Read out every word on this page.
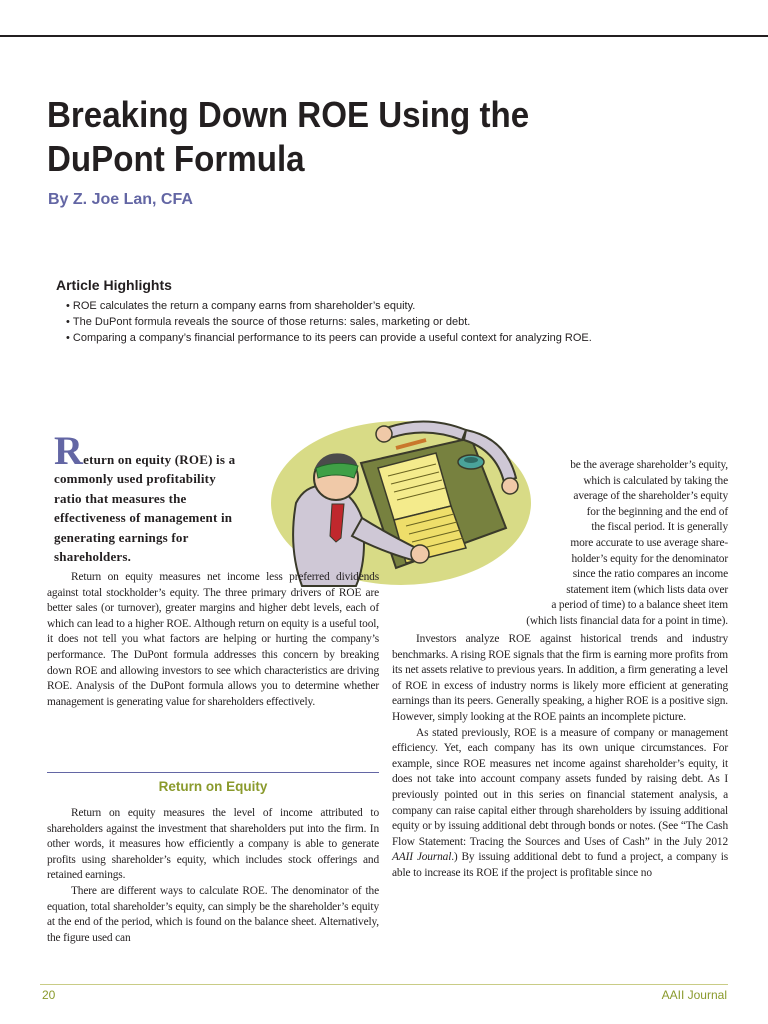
Breaking Down ROE Using the DuPont Formula
By Z. Joe Lan, CFA
Article Highlights
• ROE calculates the return a company earns from shareholder’s equity.
• The DuPont formula reveals the source of those returns: sales, marketing or debt.
• Comparing a company’s financial performance to its peers can provide a useful context for analyzing ROE.

Return on equity (ROE) is a commonly used profitability ratio that measures the effectiveness of management in generating earnings for shareholders.

Return on equity measures net income less preferred dividends against total stockholder’s equity. The three primary drivers of ROE are better sales (or turnover), greater margins and higher debt levels, each of which can lead to a higher ROE. Although return on equity is a useful tool, it does not tell you what factors are helping or hurting the company’s performance. The DuPont formula addresses this concern by breaking down ROE and allowing investors to see which characteristics are driving ROE. Analysis of the DuPont formula allows you to determine whether management is generating value for shareholders effectively.

Return on Equity

Return on equity measures the level of income attributed to shareholders against the investment that shareholders put into the firm. In other words, it measures how efficiently a company is able to generate profits using shareholder’s equity, which includes stock offerings and retained earnings.

There are different ways to calculate ROE. The denominator of the equation, total shareholder’s equity, can simply be the shareholder’s equity at the end of the period, which is found on the balance sheet. Alternatively, the figure used can

be the average shareholder’s equity,
which is calculated by taking the
average of the shareholder’s equity
for the beginning and the end of
the fiscal period. It is generally
more accurate to use average share-
holder’s equity for the denominator
since the ratio compares an income
statement item (which lists data over
a period of time) to a balance sheet item
(which lists financial data for a point in time).

Investors analyze ROE against historical trends and industry benchmarks. A rising ROE signals that the firm is earning more profits from its net assets relative to previous years. In addition, a firm generating a level of ROE in excess of industry norms is likely more efficient at generating earnings than its peers. Generally speaking, a higher ROE is a positive sign. However, simply looking at the ROE paints an incomplete picture.

As stated previously, ROE is a measure of company or management efficiency. Yet, each company has its own unique circumstances. For example, since ROE measures net income against shareholder’s equity, it does not take into account company assets funded by raising debt. As I previously pointed out in this series on financial statement analysis, a company can raise capital either through shareholders by issuing additional equity or by issuing additional debt through bonds or notes. (See “The Cash Flow Statement: Tracing the Sources and Uses of Cash” in the July 2012 AAII Journal.) By issuing additional debt to fund a project, a company is able to increase its ROE if the project is profitable since no

20	AAII Journal
